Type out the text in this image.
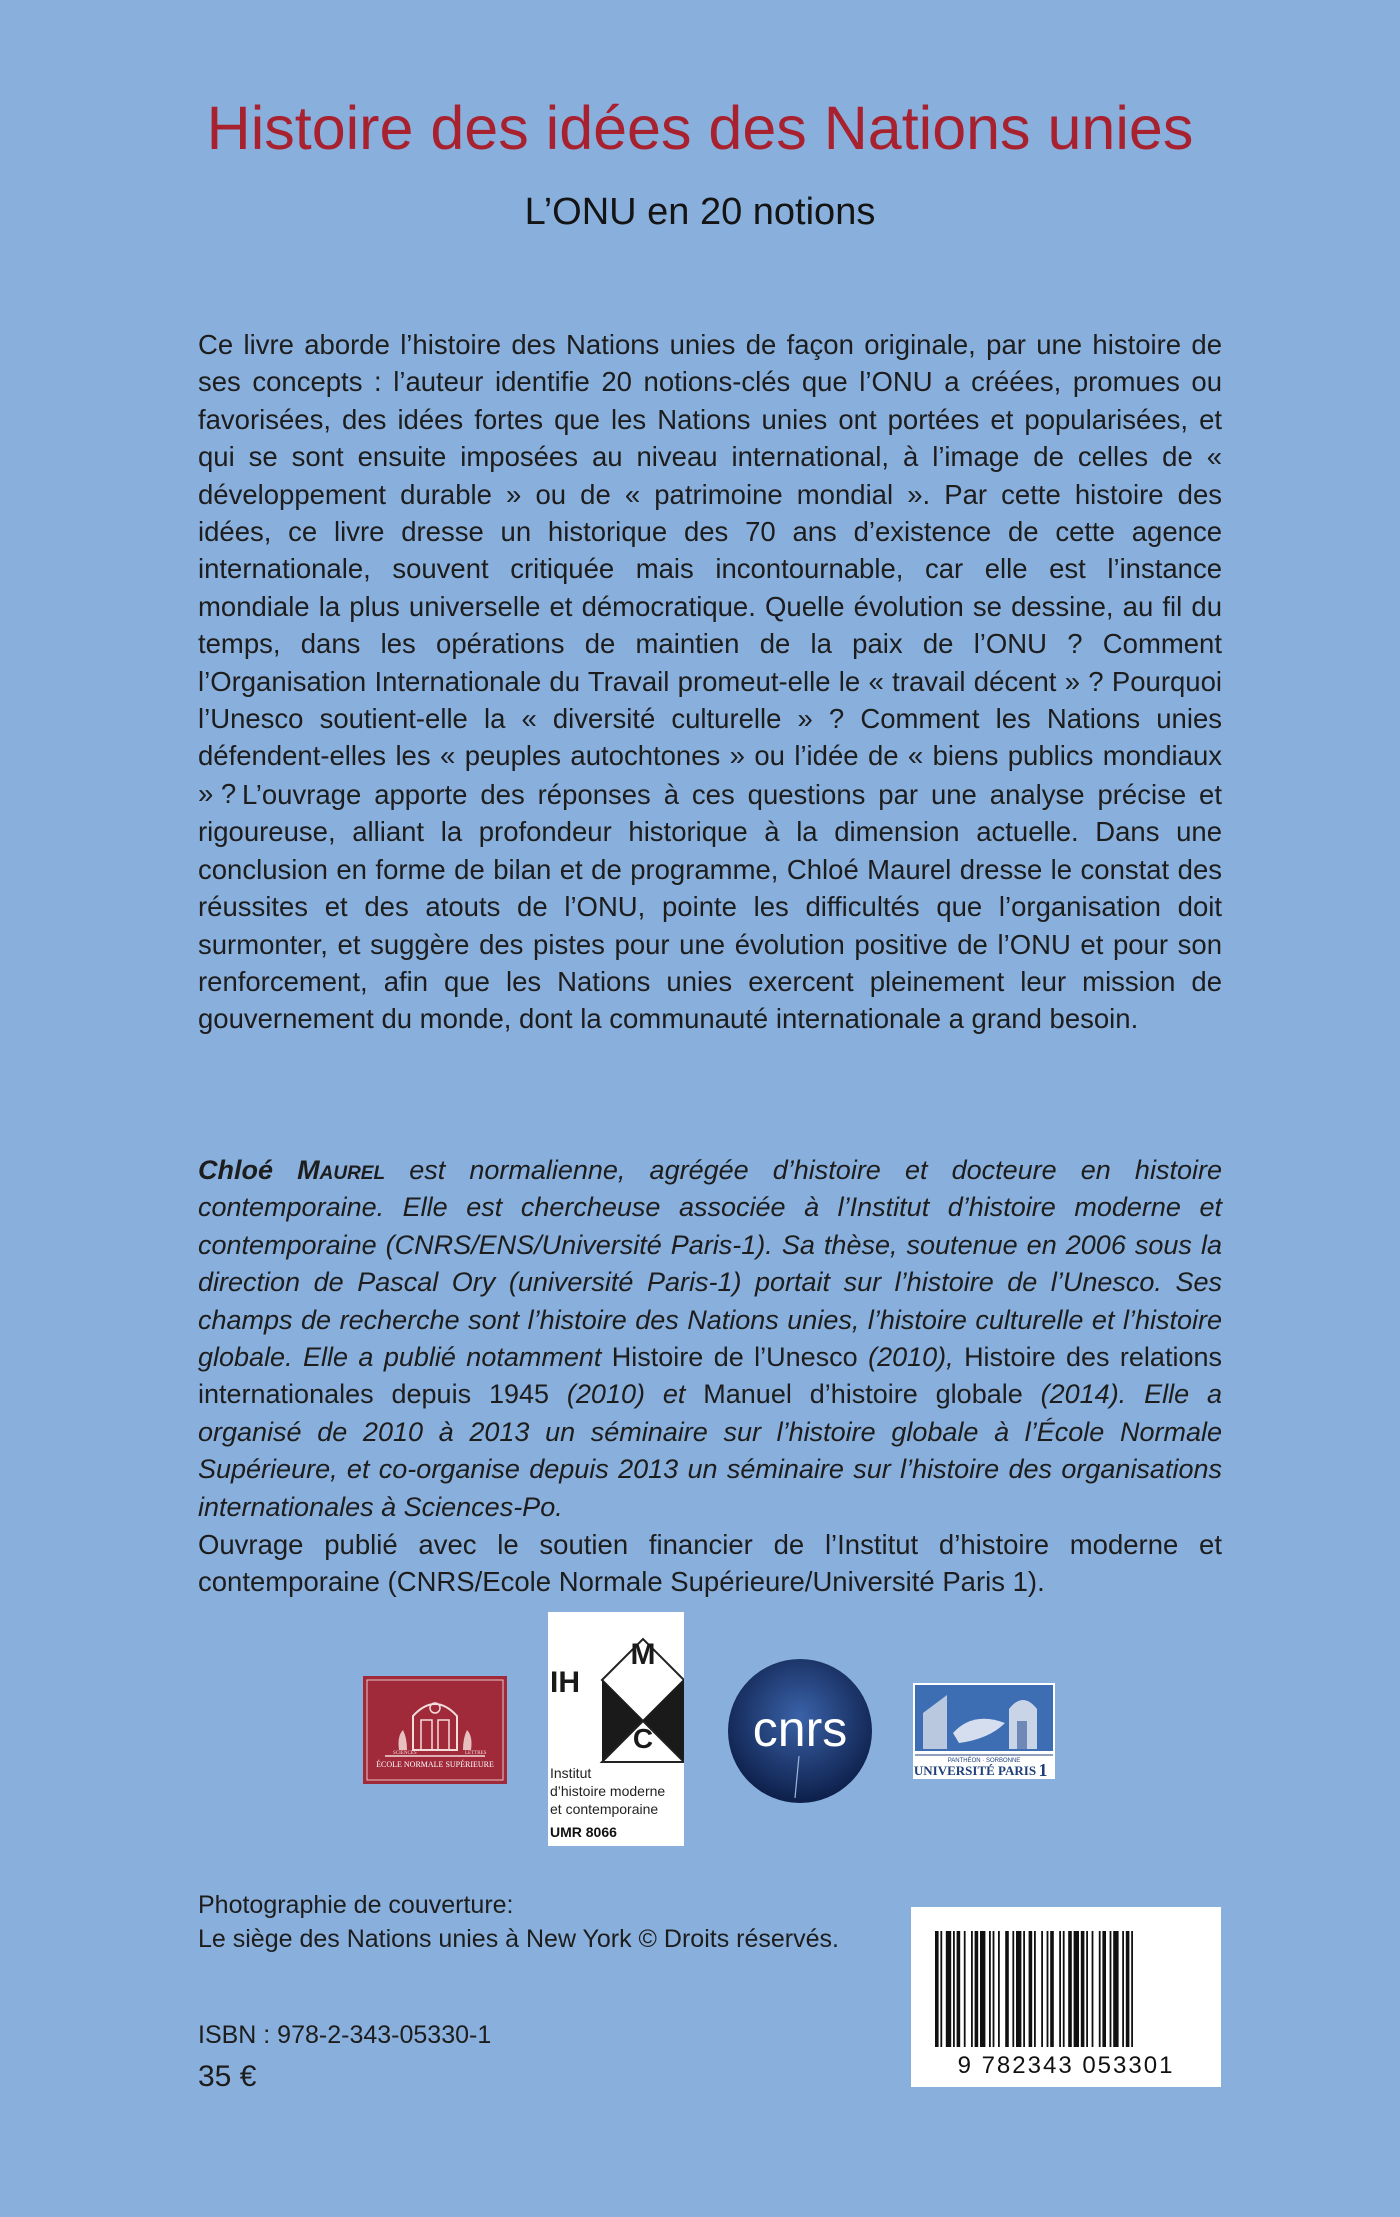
Histoire des idées des Nations unies
L’ONU en 20 notions

Ce livre aborde l’histoire des Nations unies de façon originale, par une histoire de ses concepts : l’auteur identifie 20 notions-clés que l’ONU a créées, promues ou favorisées, des idées fortes que les Nations unies ont portées et popularisées, et qui se sont ensuite imposées au niveau international, à l’image de celles de « développement durable » ou de « patrimoine mondial ». Par cette histoire des idées, ce livre dresse un historique des 70 ans d’existence de cette agence internationale, souvent critiquée mais incontournable, car elle est l’instance mondiale la plus universelle et démocratique. Quelle évolution se dessine, au fil du temps, dans les opérations de maintien de la paix de l’ONU ? Comment l’Organisation Internationale du Travail promeut-elle le « travail décent » ? Pourquoi l’Unesco soutient-elle la « diversité culturelle » ? Comment les Nations unies défendent-elles les « peuples autochtones » ou l’idée de « biens publics mondiaux » ? L’ouvrage apporte des réponses à ces questions par une analyse précise et rigoureuse, alliant la profondeur historique à la dimension actuelle. Dans une conclusion en forme de bilan et de programme, Chloé Maurel dresse le constat des réussites et des atouts de l’ONU, pointe les difficultés que l’organisation doit surmonter, et suggère des pistes pour une évolution positive de l’ONU et pour son renforcement, afin que les Nations unies exercent pleinement leur mission de gouvernement du monde, dont la communauté internationale a grand besoin.

Chloé Maurel est normalienne, agrégée d’histoire et docteure en histoire contemporaine. Elle est chercheuse associée à l’Institut d’histoire moderne et contemporaine (CNRS/ENS/Université Paris-1). Sa thèse, soutenue en 2006 sous la direction de Pascal Ory (université Paris-1) portait sur l’histoire de l’Unesco. Ses champs de recherche sont l’histoire des Nations unies, l’histoire culturelle et l’histoire globale. Elle a publié notamment Histoire de l’Unesco (2010), Histoire des relations internationales depuis 1945 (2010) et Manuel d’histoire globale (2014). Elle a organisé de 2010 à 2013 un séminaire sur l’histoire globale à l’École Normale Supérieure, et co-organise depuis 2013 un séminaire sur l’histoire des organisations internationales à Sciences-Po.

Ouvrage publié avec le soutien financier de l’Institut d’histoire moderne et contemporaine (CNRS/Ecole Normale Supérieure/Université Paris 1).

SCIENCES	LETTRES
ÉCOLE NORMALE SUPÉRIEURE
M
IH
C
Institut
d’histoire moderne
et contemporaine
UMR 8066
cnrs
PANTHÉON · SORBONNE
UNIVERSITÉ PARIS 1
Photographie de couverture:
Le siège des Nations unies à New York © Droits réservés.
9 782343 053301
ISBN : 978-2-343-05330-1
35 €
